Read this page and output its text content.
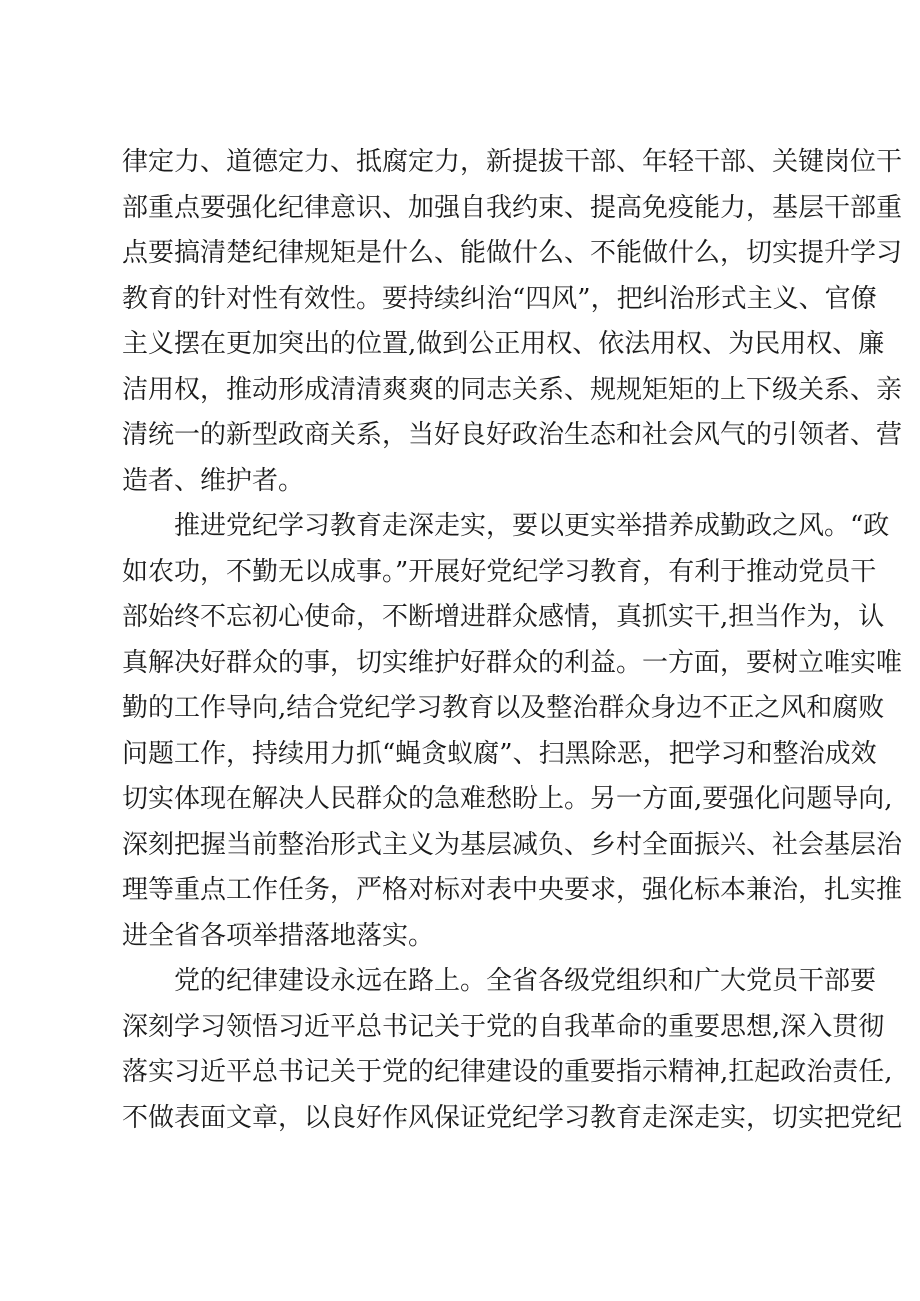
律定力、道德定力、抵腐定力，新提拔干部、年轻干部、关键岗位干
部重点要强化纪律意识、加强自我约束、提高免疫能力，基层干部重
点要搞清楚纪律规矩是什么、能做什么、不能做什么，切实提升学习
教育的针对性有效性。要持续纠治“四风”，把纠治形式主义、官僚
主义摆在更加突出的位置,做到公正用权、依法用权、为民用权、廉
洁用权，推动形成清清爽爽的同志关系、规规矩矩的上下级关系、亲
清统一的新型政商关系，当好良好政治生态和社会风气的引领者、营
造者、维护者。
推进党纪学习教育走深走实，要以更实举措养成勤政之风。“政
如农功，不勤无以成事。”开展好党纪学习教育，有利于推动党员干
部始终不忘初心使命，不断增进群众感情，真抓实干,担当作为，认
真解决好群众的事，切实维护好群众的利益。一方面，要树立唯实唯
勤的工作导向,结合党纪学习教育以及整治群众身边不正之风和腐败
问题工作，持续用力抓“蝇贪蚁腐”、扫黑除恶，把学习和整治成效
切实体现在解决人民群众的急难愁盼上。另一方面,要强化问题导向,
深刻把握当前整治形式主义为基层减负、乡村全面振兴、社会基层治
理等重点工作任务，严格对标对表中央要求，强化标本兼治，扎实推
进全省各项举措落地落实。
党的纪律建设永远在路上。全省各级党组织和广大党员干部要
深刻学习领悟习近平总书记关于党的自我革命的重要思想,深入贯彻
落实习近平总书记关于党的纪律建设的重要指示精神,扛起政治责任,
不做表面文章，以良好作风保证党纪学习教育走深走实，切实把党纪
